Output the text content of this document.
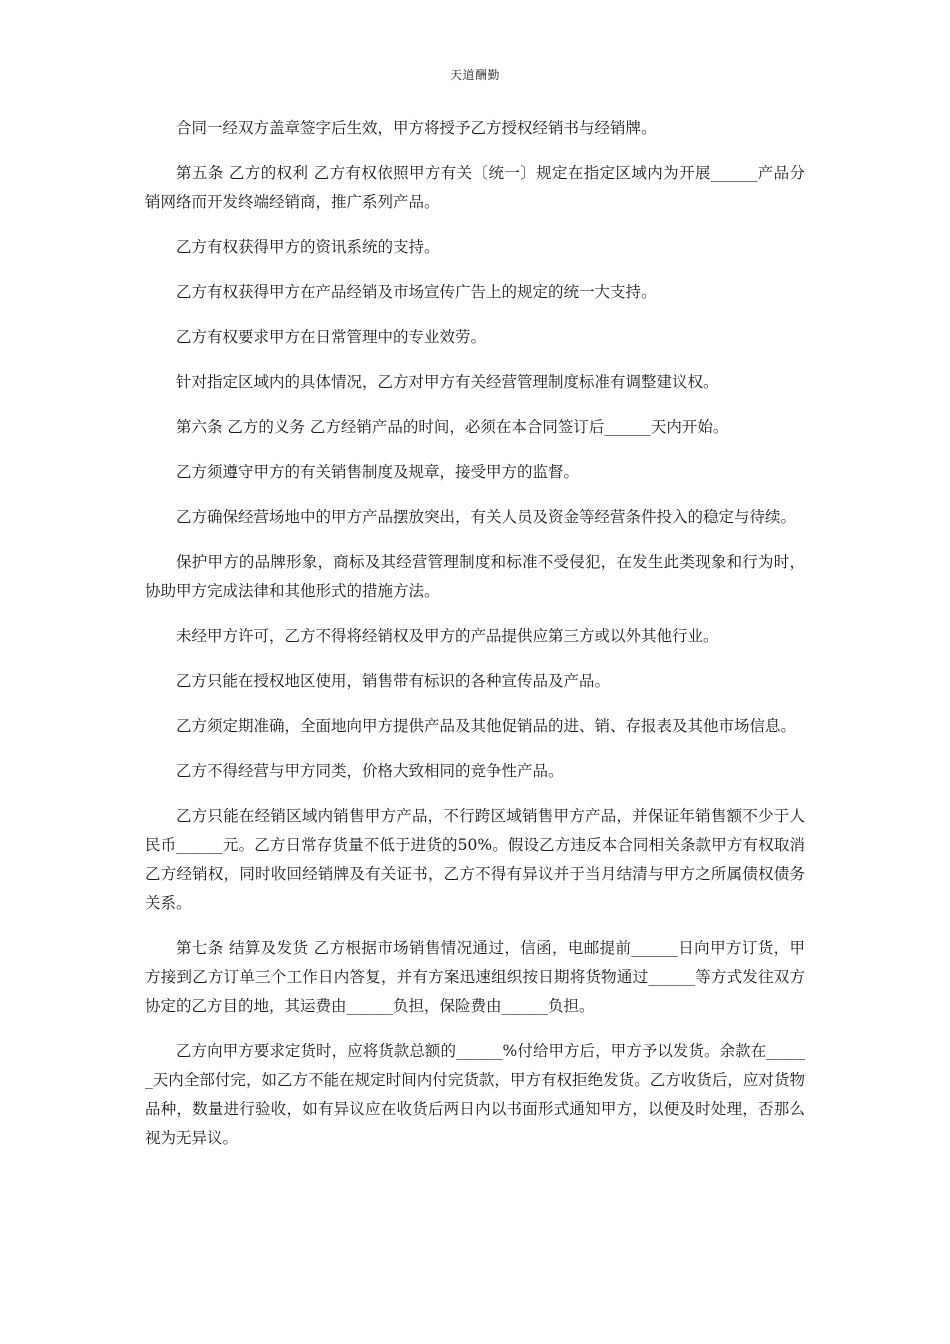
天道酬勤

合同一经双方盖章签字后生效，甲方将授予乙方授权经销书与经销牌。

第五条 乙方的权利 乙方有权依照甲方有关〔统一〕规定在指定区域内为开展______产品分销网络而开发终端经销商，推广系列产品。

乙方有权获得甲方的资讯系统的支持。

乙方有权获得甲方在产品经销及市场宣传广告上的规定的统一大支持。

乙方有权要求甲方在日常管理中的专业效劳。

针对指定区域内的具体情况，乙方对甲方有关经营管理制度标准有调整建议权。

第六条 乙方的义务 乙方经销产品的时间，必须在本合同签订后______天内开始。

乙方须遵守甲方的有关销售制度及规章，接受甲方的监督。

乙方确保经营场地中的甲方产品摆放突出，有关人员及资金等经营条件投入的稳定与待续。

保护甲方的品牌形象，商标及其经营管理制度和标准不受侵犯，在发生此类现象和行为时，协助甲方完成法律和其他形式的措施方法。

未经甲方许可，乙方不得将经销权及甲方的产品提供应第三方或以外其他行业。

乙方只能在授权地区使用，销售带有标识的各种宣传品及产品。

乙方须定期准确，全面地向甲方提供产品及其他促销品的进、销、存报表及其他市场信息。

乙方不得经营与甲方同类，价格大致相同的竞争性产品。

乙方只能在经销区域内销售甲方产品，不行跨区域销售甲方产品，并保证年销售额不少于人民币______元。乙方日常存货量不低于进货的50%。假设乙方违反本合同相关条款甲方有权取消乙方经销权，同时收回经销牌及有关证书，乙方不得有异议并于当月结清与甲方之所属债权债务关系。

第七条 结算及发货 乙方根据市场销售情况通过，信函，电邮提前______日向甲方订货，甲方接到乙方订单三个工作日内答复，并有方案迅速组织按日期将货物通过______等方式发往双方协定的乙方目的地，其运费由______负担，保险费由______负担。

乙方向甲方要求定货时，应将货款总额的______%付给甲方后，甲方予以发货。余款在______天内全部付完，如乙方不能在规定时间内付完货款，甲方有权拒绝发货。乙方收货后，应对货物品种，数量进行验收，如有异议应在收货后两日内以书面形式通知甲方，以便及时处理，否那么视为无异议。
